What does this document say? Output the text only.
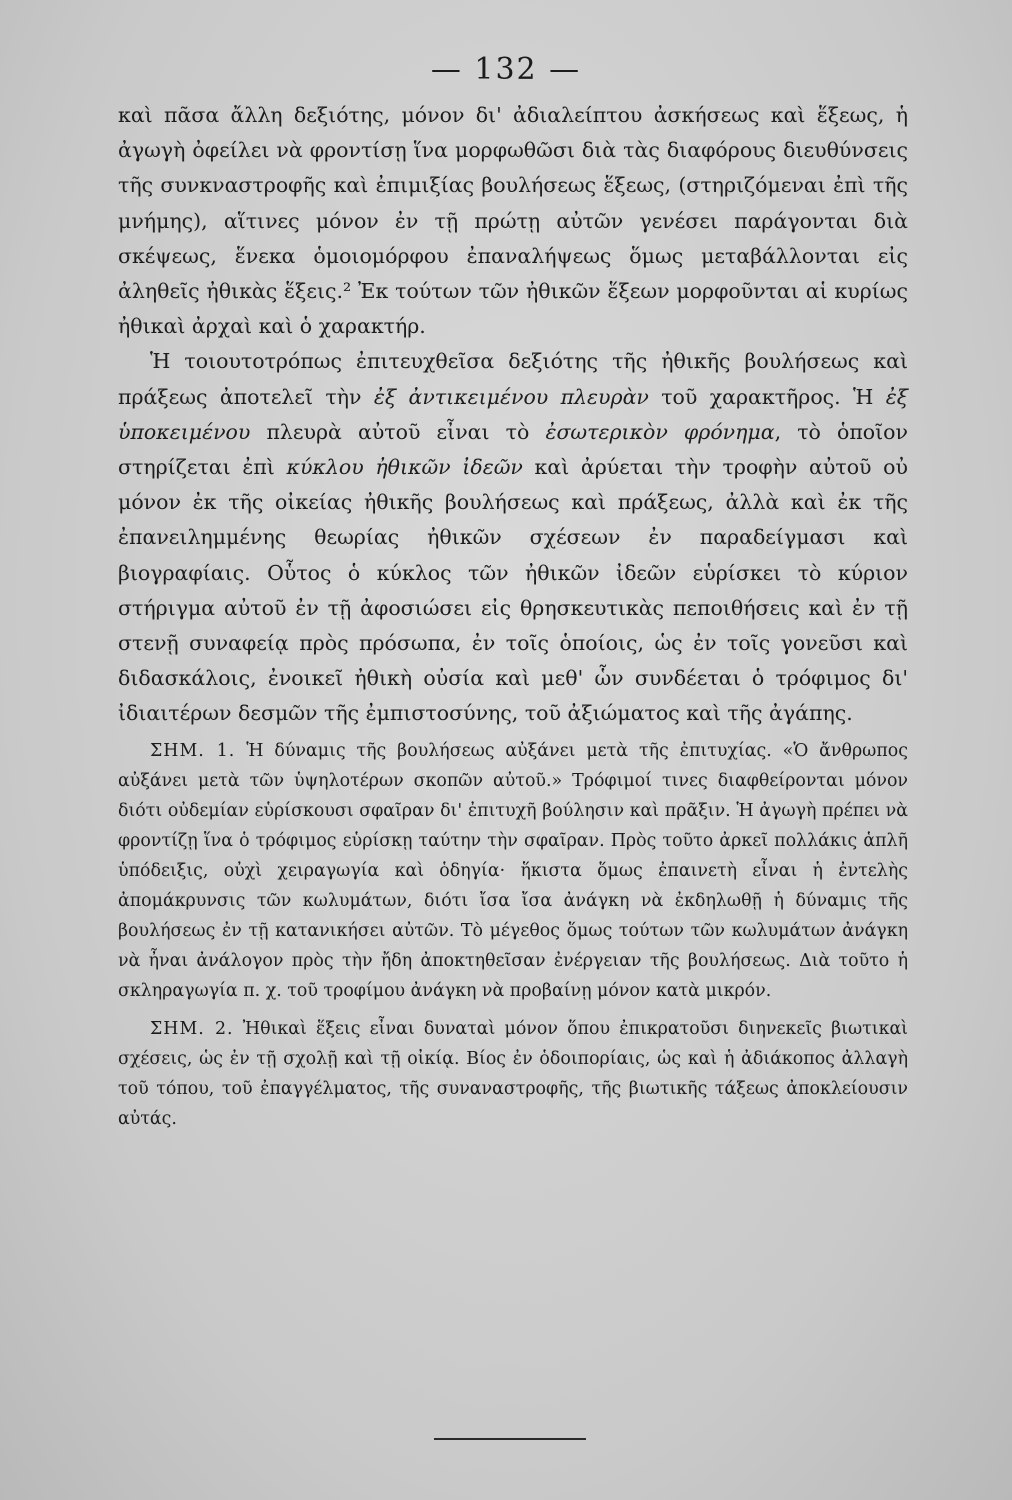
— 132 —

καὶ πᾶσα ἄλλη δεξιότης, μόνον δι' ἀδιαλείπτου ἀσκήσεως καὶ ἕξεως, ἡ ἀγωγὴ ὀφείλει νὰ φροντίσῃ ἵνα μορφωθῶσι διὰ τὰς διαφόρους διευθύνσεις τῆς συνκναστροφῆς καὶ ἐπιμιξίας βουλήσεως ἕξεως, (στηριζόμεναι ἐπὶ τῆς μνήμης), αἵτινες μόνον ἐν τῇ πρώτῃ αὐτῶν γενέσει παράγονται διὰ σκέψεως, ἕνεκα ὁμοιομόρφου ἐπαναλήψεως ὅμως μεταβάλλονται εἰς ἀληθεῖς ἠθικὰς ἕξεις.² Ἐκ τούτων τῶν ἠθικῶν ἕξεων μορφοῦνται αἱ κυρίως ἠθικαὶ ἀρχαὶ καὶ ὁ χαρακτήρ.

Ἡ τοιουτοτρόπως ἐπιτευχθεῖσα δεξιότης τῆς ἠθικῆς βουλήσεως καὶ πράξεως ἀποτελεῖ τὴν ἐξ ἀντικειμένου πλευρὰν τοῦ χαρακτῆρος. Ἡ ἐξ ὑποκειμένου πλευρὰ αὐτοῦ εἶναι τὸ ἐσωτερικὸν φρόνημα, τὸ ὁποῖον στηρίζεται ἐπὶ κύκλου ἠθικῶν ἰδεῶν καὶ ἀρύεται τὴν τροφὴν αὐτοῦ οὐ μόνον ἐκ τῆς οἰκείας ἠθικῆς βουλήσεως καὶ πράξεως, ἀλλὰ καὶ ἐκ τῆς ἐπανειλημμένης θεωρίας ἠθικῶν σχέσεων ἐν παραδείγμασι καὶ βιογραφίαις. Οὗτος ὁ κύκλος τῶν ἠθικῶν ἰδεῶν εὑρίσκει τὸ κύριον στήριγμα αὐτοῦ ἐν τῇ ἀφοσιώσει εἰς θρησκευτικὰς πεποιθήσεις καὶ ἐν τῇ στενῇ συναφείᾳ πρὸς πρόσωπα, ἐν τοῖς ὁποίοις, ὡς ἐν τοῖς γονεῦσι καὶ διδασκάλοις, ἐνοικεῖ ἠθικὴ οὐσία καὶ μεθ' ὧν συνδέεται ὁ τρόφιμος δι' ἰδιαιτέρων δεσμῶν τῆς ἐμπιστοσύνης, τοῦ ἀξιώματος καὶ τῆς ἀγάπης.

ΣΗΜ. 1. Ἡ δύναμις τῆς βουλήσεως αὐξάνει μετὰ τῆς ἐπιτυχίας. «Ὁ ἄνθρωπος αὐξάνει μετὰ τῶν ὑψηλοτέρων σκοπῶν αὐτοῦ.» Τρόφιμοί τινες διαφθείρονται μόνον διότι οὐδεμίαν εὑρίσκουσι σφαῖραν δι' ἐπιτυχῆ βούλησιν καὶ πρᾶξιν. Ἡ ἀγωγὴ πρέπει νὰ φροντίζῃ ἵνα ὁ τρόφιμος εὑρίσκῃ ταύτην τὴν σφαῖραν. Πρὸς τοῦτο ἀρκεῖ πολλάκις ἁπλῆ ὑπόδειξις, οὐχὶ χειραγωγία καὶ ὁδηγία· ἥκιστα ὅμως ἐπαινετὴ εἶναι ἡ ἐντελὴς ἀπομάκρυνσις τῶν κωλυμάτων, διότι ἴσα ἴσα ἀνάγκη νὰ ἐκδηλωθῇ ἡ δύναμις τῆς βουλήσεως ἐν τῇ κατανικήσει αὐτῶν. Τὸ μέγεθος ὅμως τούτων τῶν κωλυμάτων ἀνάγκη νὰ ἦναι ἀνάλογον πρὸς τὴν ἤδη ἀποκτηθεῖσαν ἐνέργειαν τῆς βουλήσεως. Διὰ τοῦτο ἡ σκληραγωγία π. χ. τοῦ τροφίμου ἀνάγκη νὰ προβαίνῃ μόνον κατὰ μικρόν.

ΣΗΜ. 2. Ἠθικαὶ ἕξεις εἶναι δυναταὶ μόνον ὅπου ἐπικρατοῦσι διηνεκεῖς βιωτικαὶ σχέσεις, ὡς ἐν τῇ σχολῇ καὶ τῇ οἰκίᾳ. Βίος ἐν ὁδοιπορίαις, ὡς καὶ ἡ ἀδιάκοπος ἀλλαγὴ τοῦ τόπου, τοῦ ἐπαγγέλματος, τῆς συναναστροφῆς, τῆς βιωτικῆς τάξεως ἀποκλείουσιν αὐτάς.
